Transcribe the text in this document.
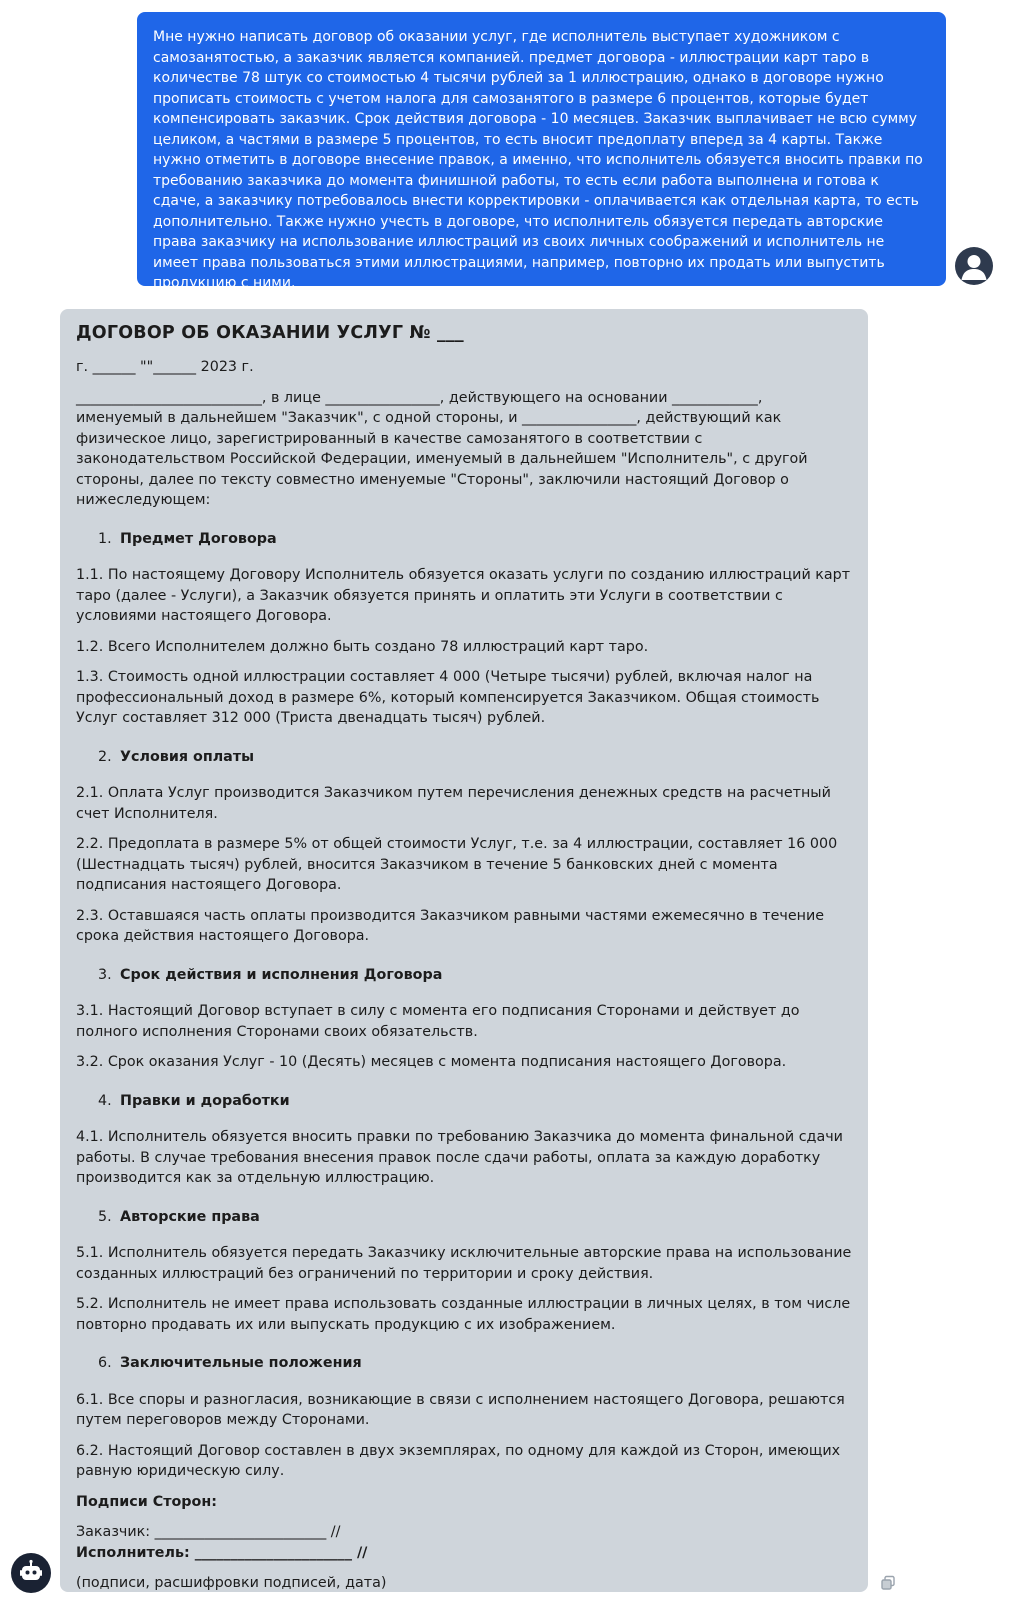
Мне нужно написать договор об оказании услуг, где исполнитель выступает художником с самозанятостью, а заказчик является компанией. предмет договора - иллюстрации карт таро в количестве 78 штук со стоимостью 4 тысячи рублей за 1 иллюстрацию, однако в договоре нужно прописать стоимость с учетом налога для самозанятого в размере 6 процентов, которые будет компенсировать заказчик. Срок действия договора - 10 месяцев. Заказчик выплачивает не всю сумму целиком, а частями в размере 5 процентов, то есть вносит предоплату вперед за 4 карты. Также нужно отметить в договоре внесение правок, а именно, что исполнитель обязуется вносить правки по требованию заказчика до момента финишной работы, то есть если работа выполнена и готова к сдаче, а заказчику потребовалось внести корректировки - оплачивается как отдельная карта, то есть дополнительно. Также нужно учесть в договоре, что исполнитель обязуется передать авторские права заказчику на использование иллюстраций из своих личных соображений и исполнитель не имеет права пользоваться этими иллюстрациями, например, повторно их продать или выпустить продукцию с ними.
ДОГОВОР ОБ ОКАЗАНИИ УСЛУГ № ___

г. ______ ""______ 2023 г.

__________________________, в лице ________________, действующего на основании ____________, именуемый в дальнейшем "Заказчик", с одной стороны, и ________________, действующий как физическое лицо, зарегистрированный в качестве самозанятого в соответствии с законодательством Российской Федерации, именуемый в дальнейшем "Исполнитель", с другой стороны, далее по тексту совместно именуемые "Стороны", заключили настоящий Договор о нижеследующем:

1. Предмет Договора

1.1. По настоящему Договору Исполнитель обязуется оказать услуги по созданию иллюстраций карт таро (далее - Услуги), а Заказчик обязуется принять и оплатить эти Услуги в соответствии с условиями настоящего Договора.

1.2. Всего Исполнителем должно быть создано 78 иллюстраций карт таро.

1.3. Стоимость одной иллюстрации составляет 4 000 (Четыре тысячи) рублей, включая налог на профессиональный доход в размере 6%, который компенсируется Заказчиком. Общая стоимость Услуг составляет 312 000 (Триста двенадцать тысяч) рублей.

2. Условия оплаты

2.1. Оплата Услуг производится Заказчиком путем перечисления денежных средств на расчетный счет Исполнителя.

2.2. Предоплата в размере 5% от общей стоимости Услуг, т.е. за 4 иллюстрации, составляет 16 000 (Шестнадцать тысяч) рублей, вносится Заказчиком в течение 5 банковских дней с момента подписания настоящего Договора.

2.3. Оставшаяся часть оплаты производится Заказчиком равными частями ежемесячно в течение срока действия настоящего Договора.

3. Срок действия и исполнения Договора

3.1. Настоящий Договор вступает в силу с момента его подписания Сторонами и действует до полного исполнения Сторонами своих обязательств.

3.2. Срок оказания Услуг - 10 (Десять) месяцев с момента подписания настоящего Договора.

4. Правки и доработки

4.1. Исполнитель обязуется вносить правки по требованию Заказчика до момента финальной сдачи работы. В случае требования внесения правок после сдачи работы, оплата за каждую доработку производится как за отдельную иллюстрацию.

5. Авторские права

5.1. Исполнитель обязуется передать Заказчику исключительные авторские права на использование созданных иллюстраций без ограничений по территории и сроку действия.

5.2. Исполнитель не имеет права использовать созданные иллюстрации в личных целях, в том числе повторно продавать их или выпускать продукцию с их изображением.

6. Заключительные положения

6.1. Все споры и разногласия, возникающие в связи с исполнением настоящего Договора, решаются путем переговоров между Сторонами.

6.2. Настоящий Договор составлен в двух экземплярах, по одному для каждой из Сторон, имеющих равную юридическую силу.

Подписи Сторон:

Заказчик: ________________________ //

Исполнитель: ______________________ //

(подписи, расшифровки подписей, дата)
